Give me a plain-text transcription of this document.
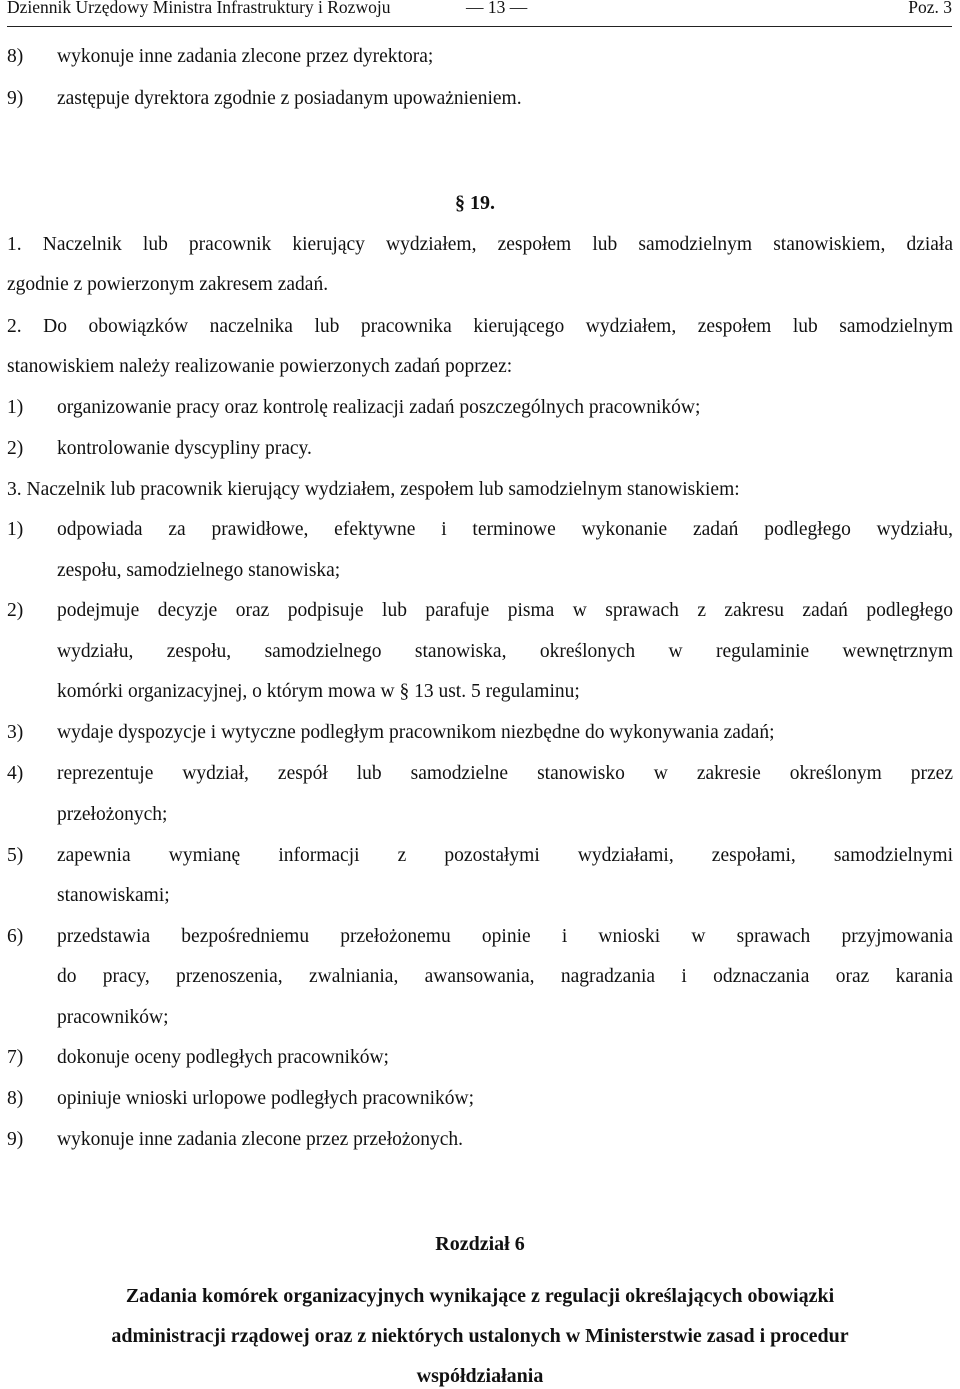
Dziennik Urzędowy Ministra Infrastruktury i Rozwoju	— 13 —	Poz. 3
8) wykonuje inne zadania zlecone przez dyrektora;
9) zastępuje dyrektora zgodnie z posiadanym upoważnieniem.
§ 19.
1. Naczelnik lub pracownik kierujący wydziałem, zespołem lub samodzielnym stanowiskiem, działa
zgodnie z powierzonym zakresem zadań.
2. Do obowiązków naczelnika lub pracownika kierującego wydziałem, zespołem lub samodzielnym
stanowiskiem należy realizowanie powierzonych zadań poprzez:
1) organizowanie pracy oraz kontrolę realizacji zadań poszczególnych pracowników;
2) kontrolowanie dyscypliny pracy.
3. Naczelnik lub pracownik kierujący wydziałem, zespołem lub samodzielnym stanowiskiem:
1) odpowiada za prawidłowe, efektywne i terminowe wykonanie zadań podległego wydziału,
zespołu, samodzielnego stanowiska;
2) podejmuje decyzje oraz podpisuje lub parafuje pisma w sprawach z zakresu zadań podległego
wydziału, zespołu, samodzielnego stanowiska, określonych w regulaminie wewnętrznym
komórki organizacyjnej, o którym mowa w § 13 ust. 5 regulaminu;
3) wydaje dyspozycje i wytyczne podległym pracownikom niezbędne do wykonywania zadań;
4) reprezentuje wydział, zespół lub samodzielne stanowisko w zakresie określonym przez
przełożonych;
5) zapewnia wymianę informacji z pozostałymi wydziałami, zespołami, samodzielnymi
stanowiskami;
6) przedstawia bezpośredniemu przełożonemu opinie i wnioski w sprawach przyjmowania
do pracy, przenoszenia, zwalniania, awansowania, nagradzania i odznaczania oraz karania
pracowników;
7) dokonuje oceny podległych pracowników;
8) opiniuje wnioski urlopowe podległych pracowników;
9) wykonuje inne zadania zlecone przez przełożonych.
Rozdział 6
Zadania komórek organizacyjnych wynikające z regulacji określających obowiązki
administracji rządowej oraz z niektórych ustalonych w Ministerstwie zasad i procedur
współdziałania
